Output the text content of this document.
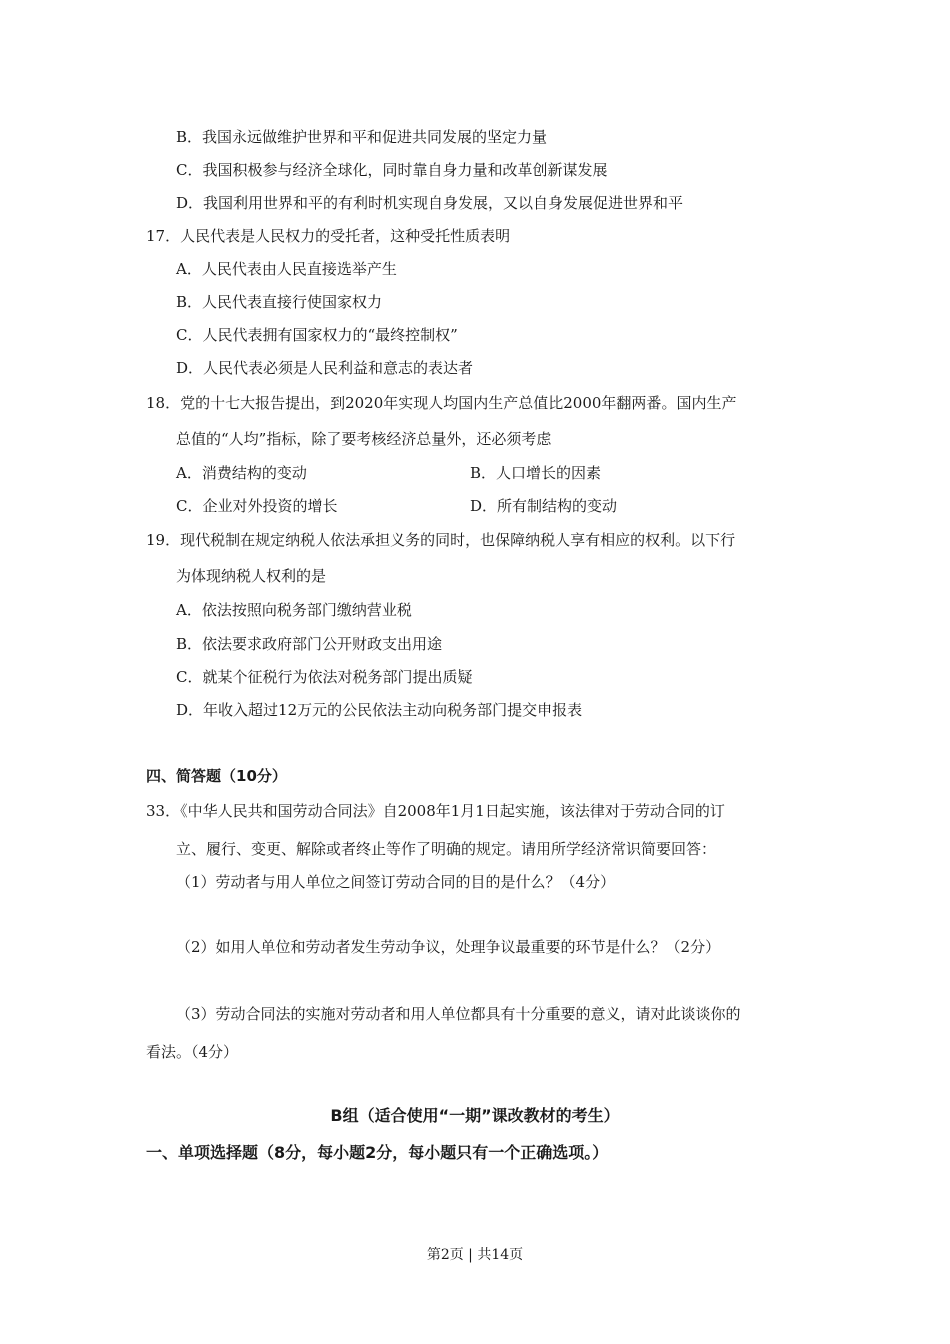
B．我国永远做维护世界和平和促进共同发展的坚定力量
C．我国积极参与经济全球化，同时靠自身力量和改革创新谋发展
D．我国利用世界和平的有利时机实现自身发展，又以自身发展促进世界和平
17．人民代表是人民权力的受托者，这种受托性质表明
A．人民代表由人民直接选举产生
B．人民代表直接行使国家权力
C．人民代表拥有国家权力的“最终控制权”
D．人民代表必须是人民利益和意志的表达者
18．党的十七大报告提出，到2020年实现人均国内生产总值比2000年翻两番。国内生产
总值的“人均”指标，除了要考核经济总量外，还必须考虑
A．消费结构的变动	B．人口增长的因素
C．企业对外投资的增长	D．所有制结构的变动
19．现代税制在规定纳税人依法承担义务的同时，也保障纳税人享有相应的权利。以下行
为体现纳税人权利的是
A．依法按照向税务部门缴纳营业税
B．依法要求政府部门公开财政支出用途
C．就某个征税行为依法对税务部门提出质疑
D．年收入超过12万元的公民依法主动向税务部门提交申报表
四、简答题（10分）
33．《中华人民共和国劳动合同法》自2008年1月1日起实施，该法律对于劳动合同的订
立、履行、变更、解除或者终止等作了明确的规定。请用所学经济常识简要回答：
（1）劳动者与用人单位之间签订劳动合同的目的是什么？（4分）
（2）如用人单位和劳动者发生劳动争议，处理争议最重要的环节是什么？（2分）
（3）劳动合同法的实施对劳动者和用人单位都具有十分重要的意义，请对此谈谈你的
看法。（4分）
B组（适合使用“一期”课改教材的考生）
一、单项选择题（8分，每小题2分，每小题只有一个正确选项。）
第2页 | 共14页
